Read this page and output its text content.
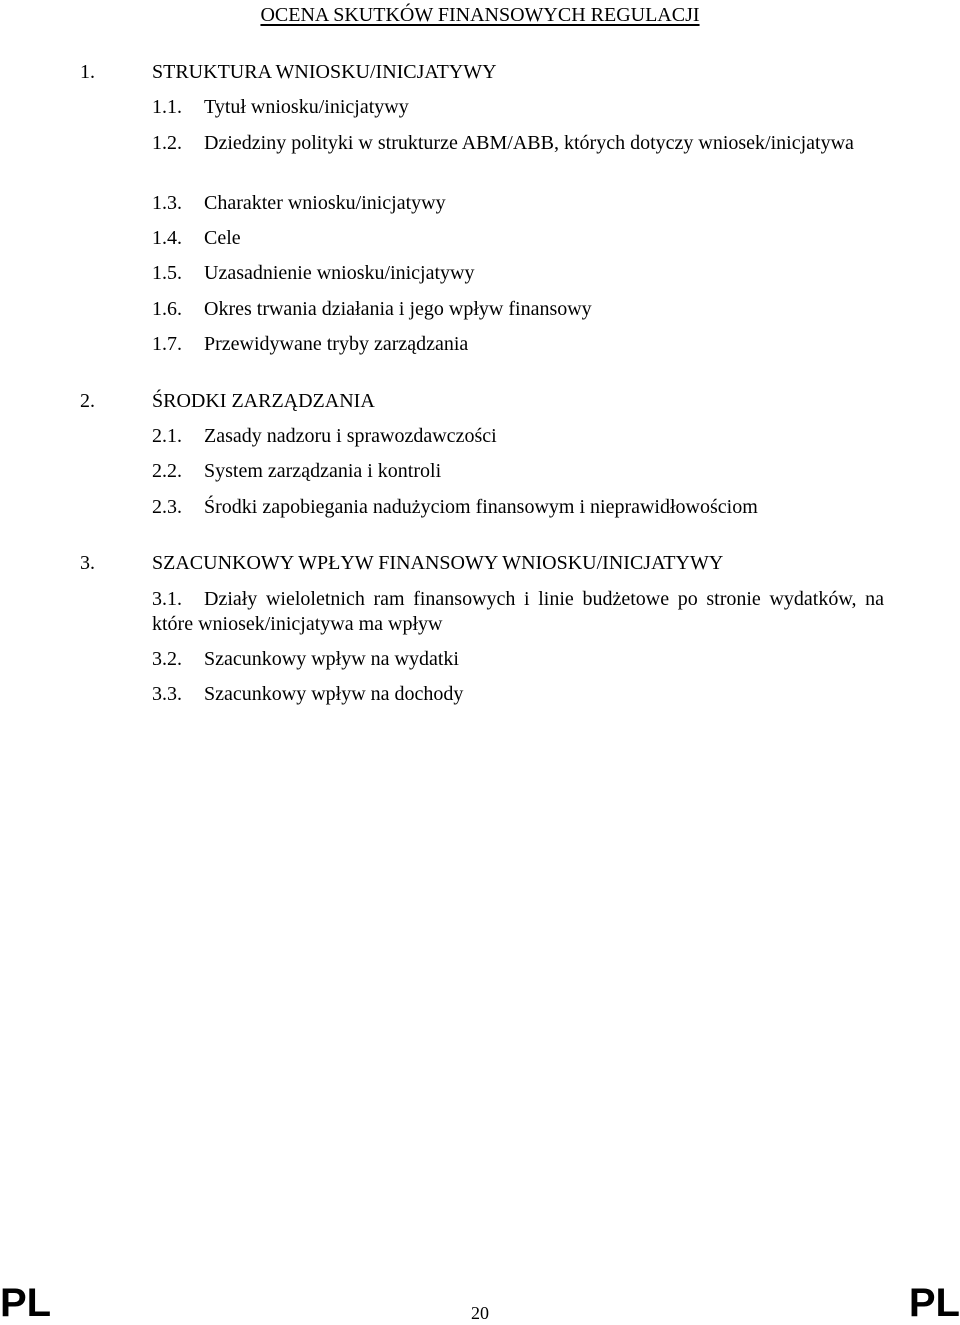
OCENA SKUTKÓW FINANSOWYCH REGULACJI
1.	STRUKTURA WNIOSKU/INICJATYWY
1.1. Tytuł wniosku/inicjatywy
1.2. Dziedziny polityki w strukturze ABM/ABB, których dotyczy wniosek/inicjatywa
1.3. Charakter wniosku/inicjatywy
1.4. Cele
1.5. Uzasadnienie wniosku/inicjatywy
1.6. Okres trwania działania i jego wpływ finansowy
1.7. Przewidywane tryby zarządzania
2.	ŚRODKI ZARZĄDZANIA
2.1. Zasady nadzoru i sprawozdawczości
2.2. System zarządzania i kontroli
2.3. Środki zapobiegania nadużyciom finansowym i nieprawidłowościom
3.	SZACUNKOWY WPŁYW FINANSOWY WNIOSKU/INICJATYWY
3.1. Działy wieloletnich ram finansowych i linie budżetowe po stronie wydatków, na które wniosek/inicjatywa ma wpływ
3.2. Szacunkowy wpływ na wydatki
3.3. Szacunkowy wpływ na dochody
PL	20	PL
